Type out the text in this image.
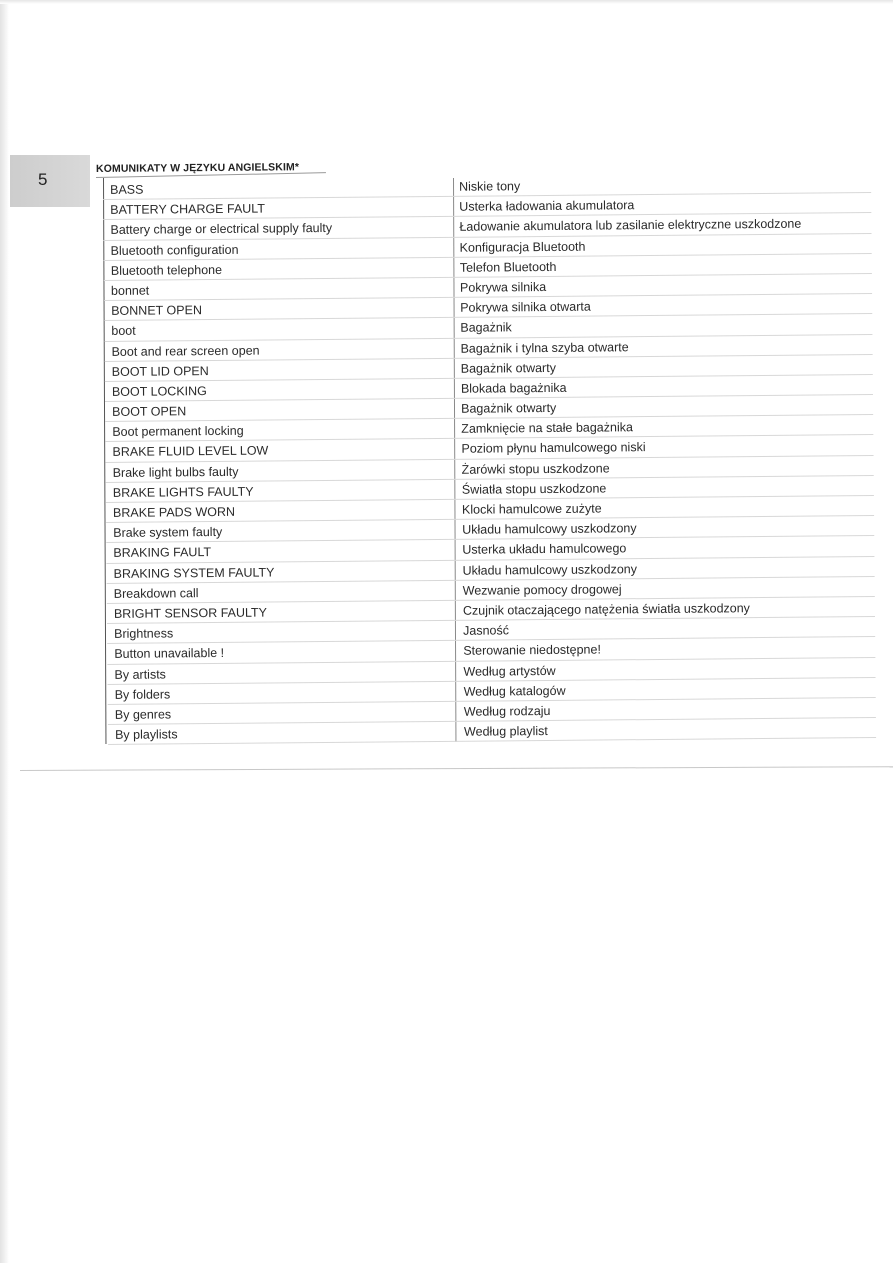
5
KOMUNIKATY W JĘZYKU ANGIELSKIM*
BASS	Niskie tony
BATTERY CHARGE FAULT	Usterka ładowania akumulatora
Battery charge or electrical supply faulty	Ładowanie akumulatora lub zasilanie elektryczne uszkodzone
Bluetooth configuration	Konfiguracja Bluetooth
Bluetooth telephone	Telefon Bluetooth
bonnet	Pokrywa silnika
BONNET OPEN	Pokrywa silnika otwarta
boot	Bagażnik
Boot and rear screen open	Bagażnik i tylna szyba otwarte
BOOT LID OPEN	Bagażnik otwarty
BOOT LOCKING	Blokada bagażnika
BOOT OPEN	Bagażnik otwarty
Boot permanent locking	Zamknięcie na stałe bagażnika
BRAKE FLUID LEVEL LOW	Poziom płynu hamulcowego niski
Brake light bulbs faulty	Żarówki stopu uszkodzone
BRAKE LIGHTS FAULTY	Światła stopu uszkodzone
BRAKE PADS WORN	Klocki hamulcowe zużyte
Brake system faulty	Układu hamulcowy uszkodzony
BRAKING FAULT	Usterka układu hamulcowego
BRAKING SYSTEM FAULTY	Układu hamulcowy uszkodzony
Breakdown call	Wezwanie pomocy drogowej
BRIGHT SENSOR FAULTY	Czujnik otaczającego natężenia światła uszkodzony
Brightness	Jasność
Button unavailable !	Sterowanie niedostępne!
By artists	Według artystów
By folders	Według katalogów
By genres	Według rodzaju
By playlists	Według playlist
